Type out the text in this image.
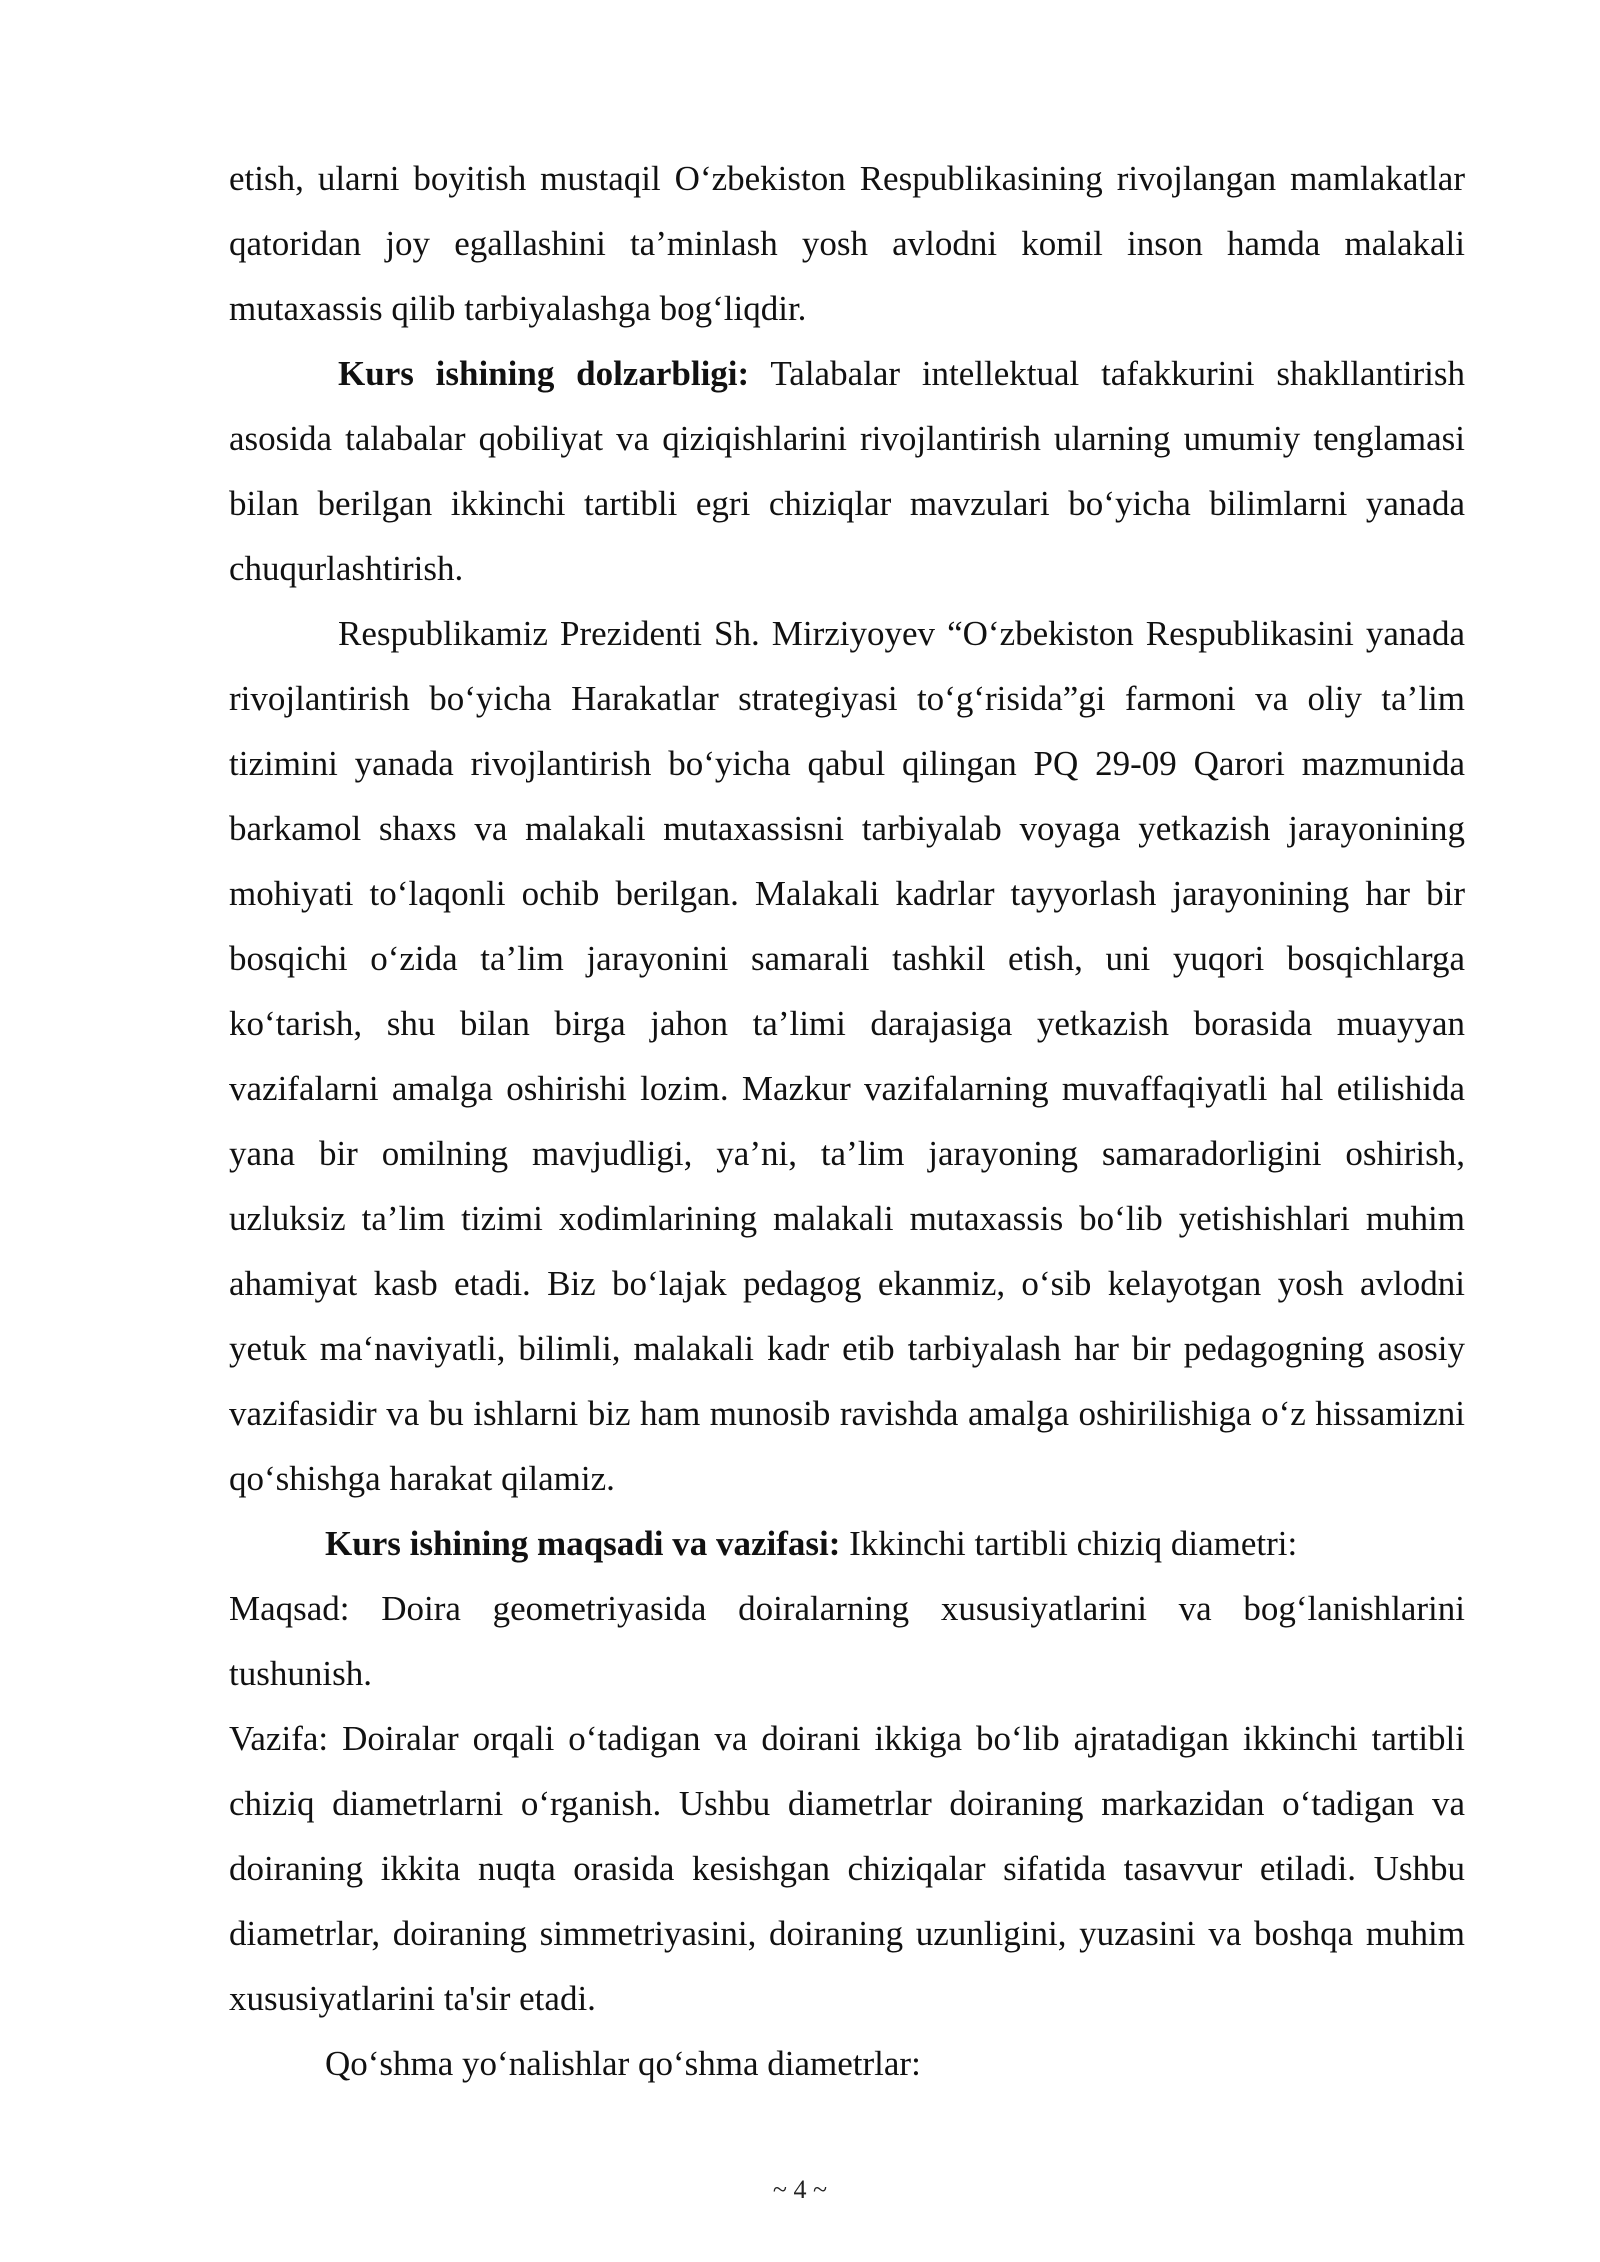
etish, ularni boyitish mustaqil O‘zbekiston Respublikasining rivojlangan mamlakatlar qatoridan joy egallashini ta’minlash yosh avlodni komil inson hamda malakali mutaxassis qilib tarbiyalashga bog‘liqdir.

Kurs ishining dolzarbligi: Talabalar intellektual tafakkurini shakllantirish asosida talabalar qobiliyat va qiziqishlarini rivojlantirish ularning umumiy tenglamasi bilan berilgan ikkinchi tartibli egri chiziqlar mavzulari bo‘yicha bilimlarni yanada chuqurlashtirish.

Respublikamiz Prezidenti Sh. Mirziyoyev “O‘zbekiston Respublikasini yanada rivojlantirish bo‘yicha Harakatlar strategiyasi to‘g‘risida”gi farmoni va oliy ta’lim tizimini yanada rivojlantirish bo‘yicha qabul qilingan PQ 29-09 Qarori mazmunida barkamol shaxs va malakali mutaxassisni tarbiyalab voyaga yetkazish jarayonining mohiyati to‘laqonli ochib berilgan. Malakali kadrlar tayyorlash jarayonining har bir bosqichi o‘zida ta’lim jarayonini samarali tashkil etish, uni yuqori bosqichlarga ko‘tarish, shu bilan birga jahon ta’limi darajasiga yetkazish borasida muayyan vazifalarni amalga oshirishi lozim. Mazkur vazifalarning muvaffaqiyatli hal etilishida yana bir omilning mavjudligi, ya’ni, ta’lim jarayoning samaradorligini oshirish, uzluksiz ta’lim tizimi xodimlarining malakali mutaxassis bo‘lib yetishishlari muhim ahamiyat kasb etadi. Biz bo‘lajak pedagog ekanmiz, o‘sib kelayotgan yosh avlodni yetuk ma‘naviyatli, bilimli, malakali kadr etib tarbiyalash har bir pedagogning asosiy vazifasidir va bu ishlarni biz ham munosib ravishda amalga oshirilishiga o‘z hissamizni qo‘shishga harakat qilamiz.

Kurs ishining maqsadi va vazifasi: Ikkinchi tartibli chiziq diametri:

Maqsad: Doira geometriyasida doiralarning xususiyatlarini va bog‘lanishlarini tushunish.

Vazifa: Doiralar orqali o‘tadigan va doirani ikkiga bo‘lib ajratadigan ikkinchi tartibli chiziq diametrlarni o‘rganish. Ushbu diametrlar doiraning markazidan o‘tadigan va doiraning ikkita nuqta orasida kesishgan chiziqalar sifatida tasavvur etiladi. Ushbu diametrlar, doiraning simmetriyasini, doiraning uzunligini, yuzasini va boshqa muhim xususiyatlarini ta'sir etadi.

Qo‘shma yo‘nalishlar qo‘shma diametrlar:

~ 4 ~
